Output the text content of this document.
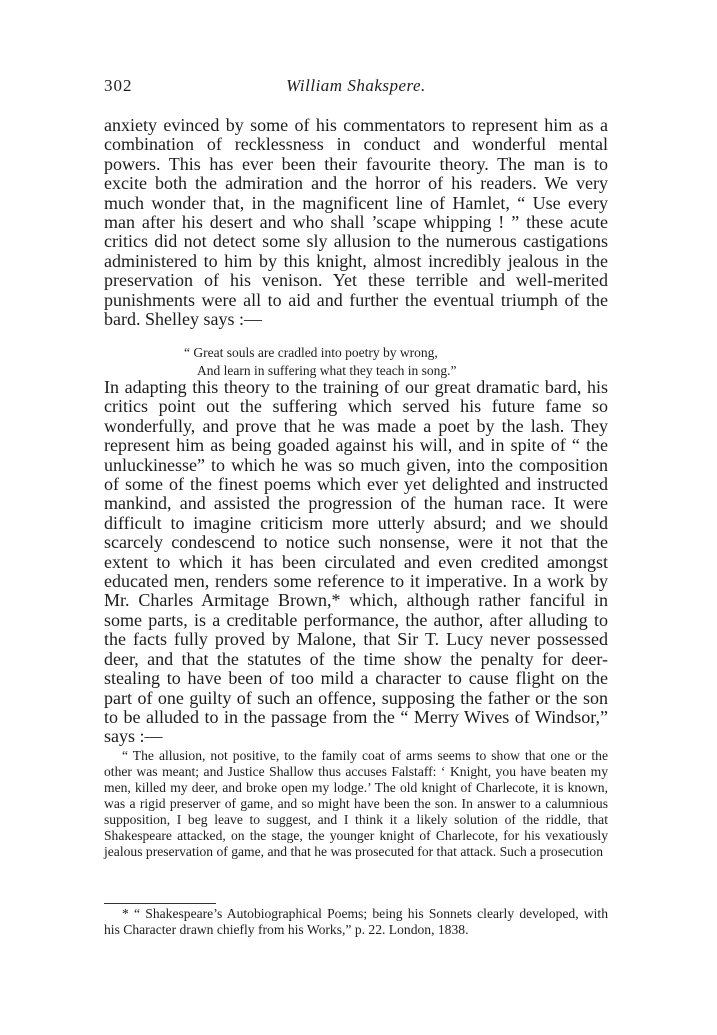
302	William Shakspere.
anxiety evinced by some of his commentators to represent him as a combination of recklessness in conduct and wonderful mental powers. This has ever been their favourite theory. The man is to excite both the admiration and the horror of his readers. We very much wonder that, in the magnificent line of Hamlet, “ Use every man after his desert and who shall ’scape whipping ! ” these acute critics did not detect some sly allusion to the numerous castigations administered to him by this knight, almost incredibly jealous in the preservation of his venison. Yet these terrible and well-merited punishments were all to aid and further the eventual triumph of the bard. Shelley says :—
“ Great souls are cradled into poetry by wrong,
And learn in suffering what they teach in song.”
In adapting this theory to the training of our great dramatic bard, his critics point out the suffering which served his future fame so wonderfully, and prove that he was made a poet by the lash. They represent him as being goaded against his will, and in spite of “ the unluckinesse” to which he was so much given, into the composition of some of the finest poems which ever yet delighted and instructed mankind, and assisted the progression of the human race. It were difficult to imagine criticism more utterly absurd; and we should scarcely condescend to notice such nonsense, were it not that the extent to which it has been circulated and even credited amongst educated men, renders some reference to it imperative. In a work by Mr. Charles Armitage Brown,* which, although rather fanciful in some parts, is a creditable performance, the author, after alluding to the facts fully proved by Malone, that Sir T. Lucy never possessed deer, and that the statutes of the time show the penalty for deer-stealing to have been of too mild a character to cause flight on the part of one guilty of such an offence, supposing the father or the son to be alluded to in the passage from the “ Merry Wives of Windsor,” says :—
“ The allusion, not positive, to the family coat of arms seems to show that one or the other was meant; and Justice Shallow thus accuses Falstaff: ‘ Knight, you have beaten my men, killed my deer, and broke open my lodge.’ The old knight of Charlecote, it is known, was a rigid preserver of game, and so might have been the son. In answer to a calumnious supposition, I beg leave to suggest, and I think it a likely solution of the riddle, that Shakespeare attacked, on the stage, the younger knight of Charlecote, for his vexatiously jealous preservation of game, and that he was prosecuted for that attack. Such a prosecution
* “ Shakespeare’s Autobiographical Poems; being his Sonnets clearly developed, with his Character drawn chiefly from his Works,” p. 22. London, 1838.
